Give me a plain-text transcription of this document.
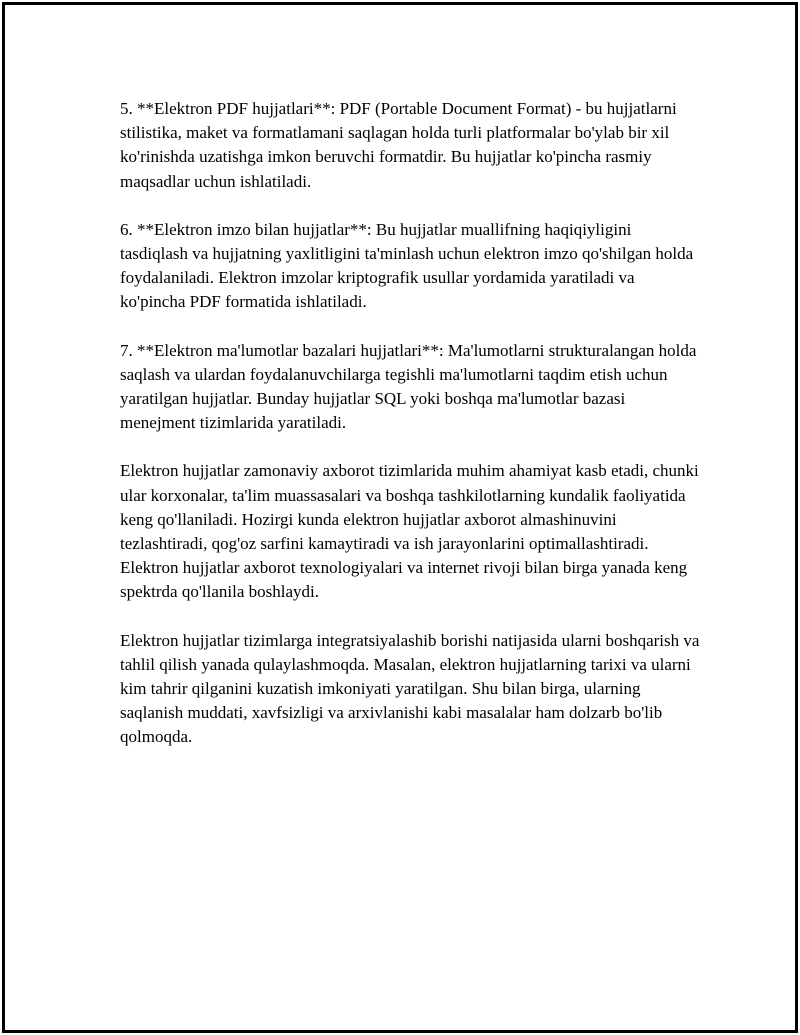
5. **Elektron PDF hujjatlari**: PDF (Portable Document Format) - bu hujjatlarni stilistika, maket va formatlamani saqlagan holda turli platformalar bo'ylab bir xil ko'rinishda uzatishga imkon beruvchi formatdir. Bu hujjatlar ko'pincha rasmiy maqsadlar uchun ishlatiladi.

6. **Elektron imzo bilan hujjatlar**: Bu hujjatlar muallifning haqiqiyligini tasdiqlash va hujjatning yaxlitligini ta'minlash uchun elektron imzo qo'shilgan holda foydalaniladi. Elektron imzolar kriptografik usullar yordamida yaratiladi va ko'pincha PDF formatida ishlatiladi.

7. **Elektron ma'lumotlar bazalari hujjatlari**: Ma'lumotlarni strukturalangan holda saqlash va ulardan foydalanuvchilarga tegishli ma'lumotlarni taqdim etish uchun yaratilgan hujjatlar. Bunday hujjatlar SQL yoki boshqa ma'lumotlar bazasi menejment tizimlarida yaratiladi.

Elektron hujjatlar zamonaviy axborot tizimlarida muhim ahamiyat kasb etadi, chunki ular korxonalar, ta'lim muassasalari va boshqa tashkilotlarning kundalik faoliyatida keng qo'llaniladi. Hozirgi kunda elektron hujjatlar axborot almashinuvini tezlashtiradi, qog'oz sarfini kamaytiradi va ish jarayonlarini optimallashtiradi. Elektron hujjatlar axborot texnologiyalari va internet rivoji bilan birga yanada keng spektrda qo'llanila boshlaydi.

Elektron hujjatlar tizimlarga integratsiyalashib borishi natijasida ularni boshqarish va tahlil qilish yanada qulaylashmoqda. Masalan, elektron hujjatlarning tarixi va ularni kim tahrir qilganini kuzatish imkoniyati yaratilgan. Shu bilan birga, ularning saqlanish muddati, xavfsizligi va arxivlanishi kabi masalalar ham dolzarb bo'lib qolmoqda.
